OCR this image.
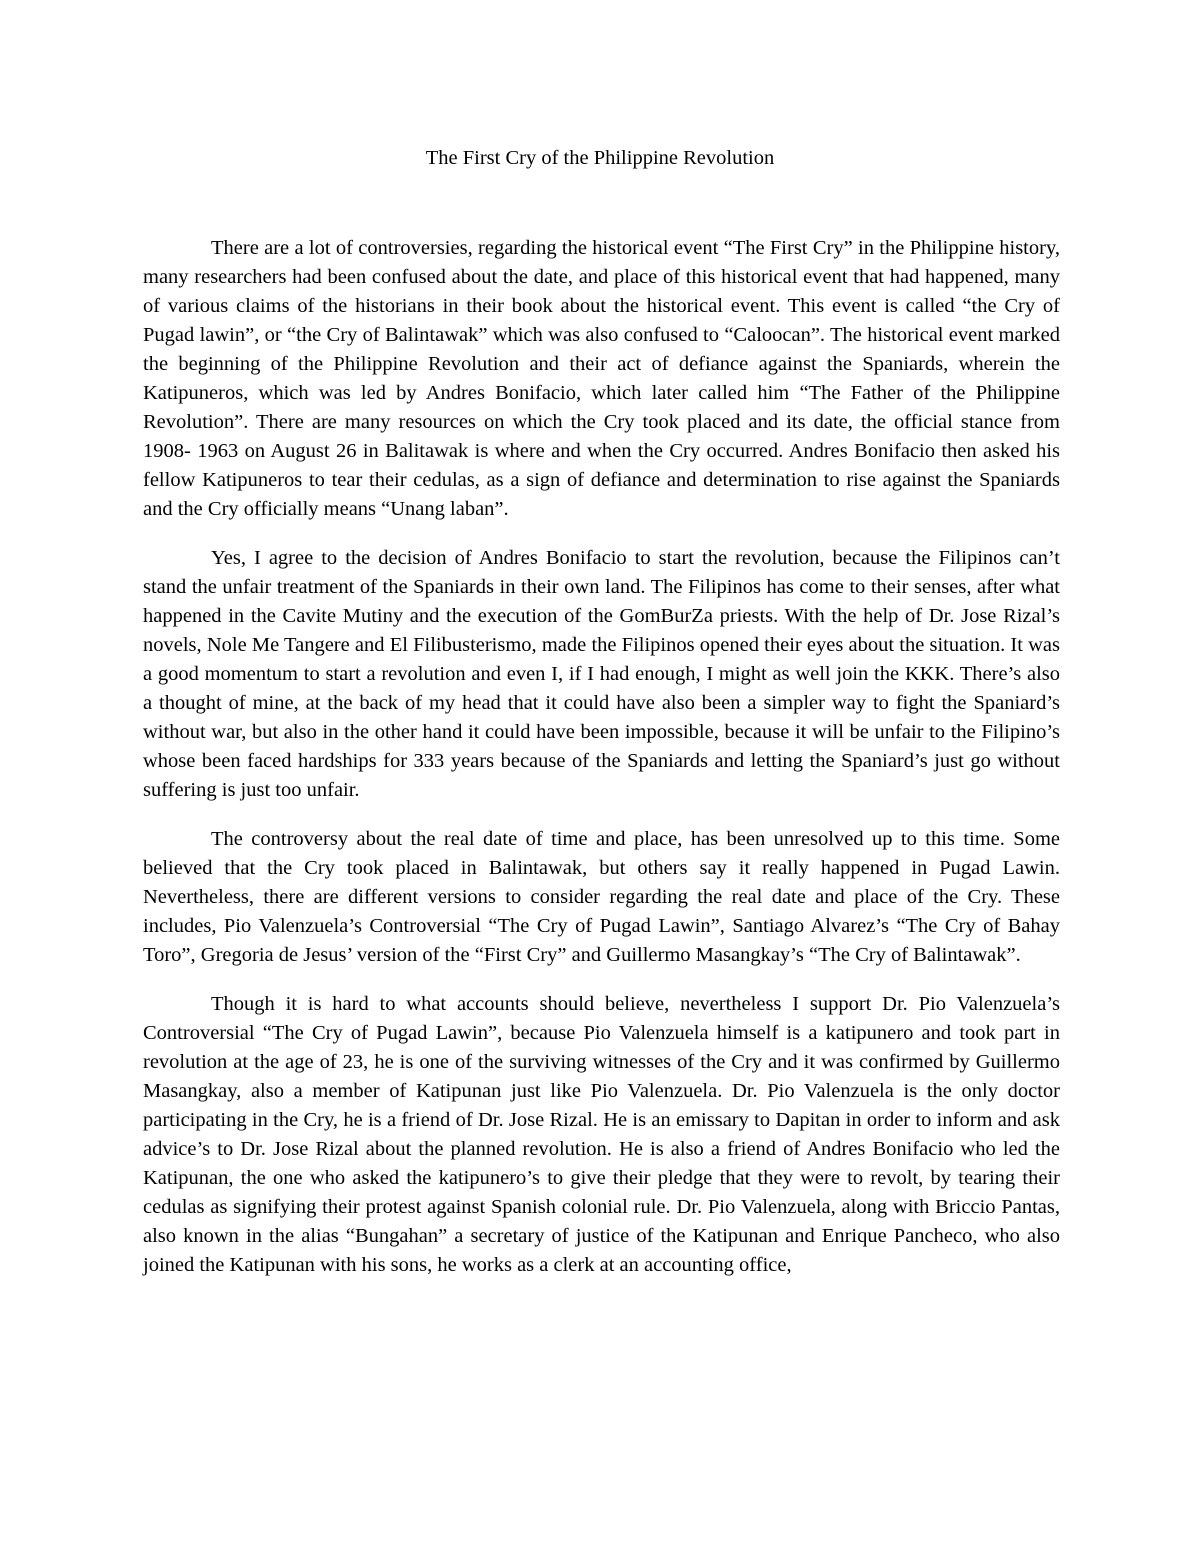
The First Cry of the Philippine Revolution

There are a lot of controversies, regarding the historical event “The First Cry” in the Philippine history, many researchers had been confused about the date, and place of this historical event that had happened, many of various claims of the historians in their book about the historical event. This event is called “the Cry of Pugad lawin”, or “the Cry of Balintawak” which was also confused to “Caloocan”. The historical event marked the beginning of the Philippine Revolution and their act of defiance against the Spaniards, wherein the Katipuneros, which was led by Andres Bonifacio, which later called him “The Father of the Philippine Revolution”. There are many resources on which the Cry took placed and its date, the official stance from 1908- 1963 on August 26 in Balitawak is where and when the Cry occurred. Andres Bonifacio then asked his fellow Katipuneros to tear their cedulas, as a sign of defiance and determination to rise against the Spaniards and the Cry officially means “Unang laban”.

Yes, I agree to the decision of Andres Bonifacio to start the revolution, because the Filipinos can’t stand the unfair treatment of the Spaniards in their own land. The Filipinos has come to their senses, after what happened in the Cavite Mutiny and the execution of the GomBurZa priests. With the help of Dr. Jose Rizal’s novels, Nole Me Tangere and El Filibusterismo, made the Filipinos opened their eyes about the situation. It was a good momentum to start a revolution and even I, if I had enough, I might as well join the KKK. There’s also a thought of mine, at the back of my head that it could have also been a simpler way to fight the Spaniard’s without war, but also in the other hand it could have been impossible, because it will be unfair to the Filipino’s whose been faced hardships for 333 years because of the Spaniards and letting the Spaniard’s just go without suffering is just too unfair.

The controversy about the real date of time and place, has been unresolved up to this time. Some believed that the Cry took placed in Balintawak, but others say it really happened in Pugad Lawin. Nevertheless, there are different versions to consider regarding the real date and place of the Cry. These includes, Pio Valenzuela’s Controversial “The Cry of Pugad Lawin”, Santiago Alvarez’s “The Cry of Bahay Toro”, Gregoria de Jesus’ version of the “First Cry” and Guillermo Masangkay’s “The Cry of Balintawak”.

Though it is hard to what accounts should believe, nevertheless I support Dr. Pio Valenzuela’s Controversial “The Cry of Pugad Lawin”, because Pio Valenzuela himself is a katipunero and took part in revolution at the age of 23, he is one of the surviving witnesses of the Cry and it was confirmed by Guillermo Masangkay, also a member of Katipunan just like Pio Valenzuela. Dr. Pio Valenzuela is the only doctor participating in the Cry, he is a friend of Dr. Jose Rizal. He is an emissary to Dapitan in order to inform and ask advice’s to Dr. Jose Rizal about the planned revolution. He is also a friend of Andres Bonifacio who led the Katipunan, the one who asked the katipunero’s to give their pledge that they were to revolt, by tearing their cedulas as signifying their protest against Spanish colonial rule. Dr. Pio Valenzuela, along with Briccio Pantas, also known in the alias “Bungahan” a secretary of justice of the Katipunan and Enrique Pancheco, who also joined the Katipunan with his sons, he works as a clerk at an accounting office,
